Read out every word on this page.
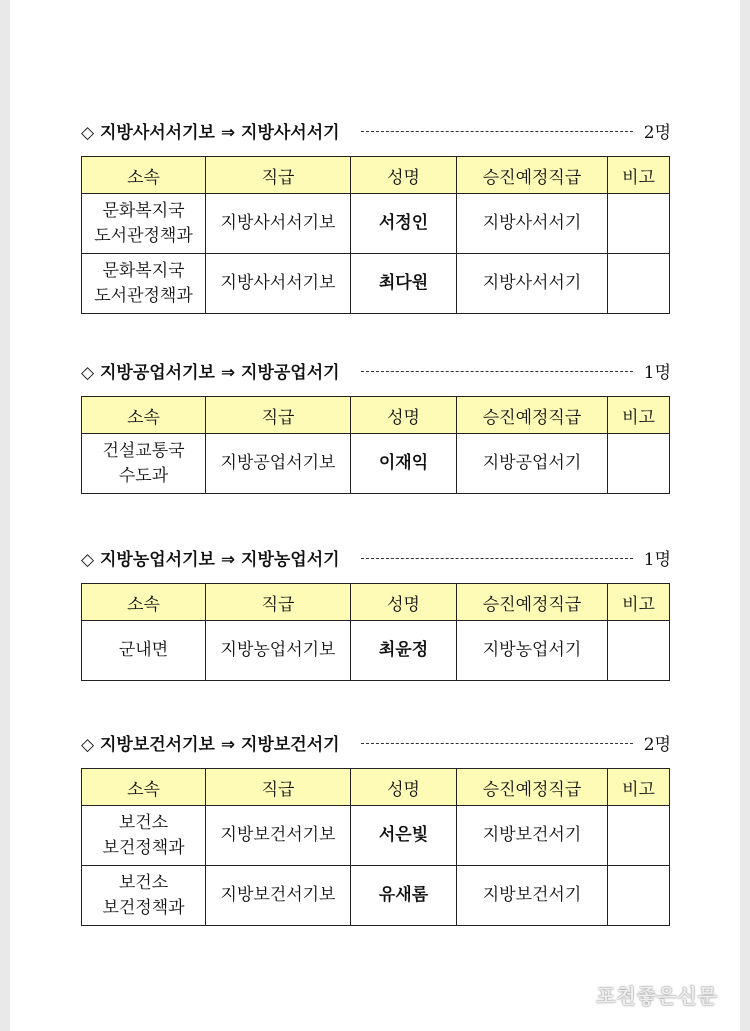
◇ 지방사서서기보 ⇒ 지방사서서기	2명
소속	직급	성명	승진예정직급	비고
문화복지국
도서관정책과	지방사서서기보	서정인	지방사서서기	
문화복지국
도서관정책과	지방사서서기보	최다원	지방사서서기	
◇ 지방공업서기보 ⇒ 지방공업서기	1명
소속	직급	성명	승진예정직급	비고
건설교통국
수도과	지방공업서기보	이재익	지방공업서기	
◇ 지방농업서기보 ⇒ 지방농업서기	1명
소속	직급	성명	승진예정직급	비고
군내면	지방농업서기보	최윤정	지방농업서기	
◇ 지방보건서기보 ⇒ 지방보건서기	2명
소속	직급	성명	승진예정직급	비고
보건소
보건정책과	지방보건서기보	서은빛	지방보건서기	
보건소
보건정책과	지방보건서기보	유새롬	지방보건서기	
포천좋은신문
